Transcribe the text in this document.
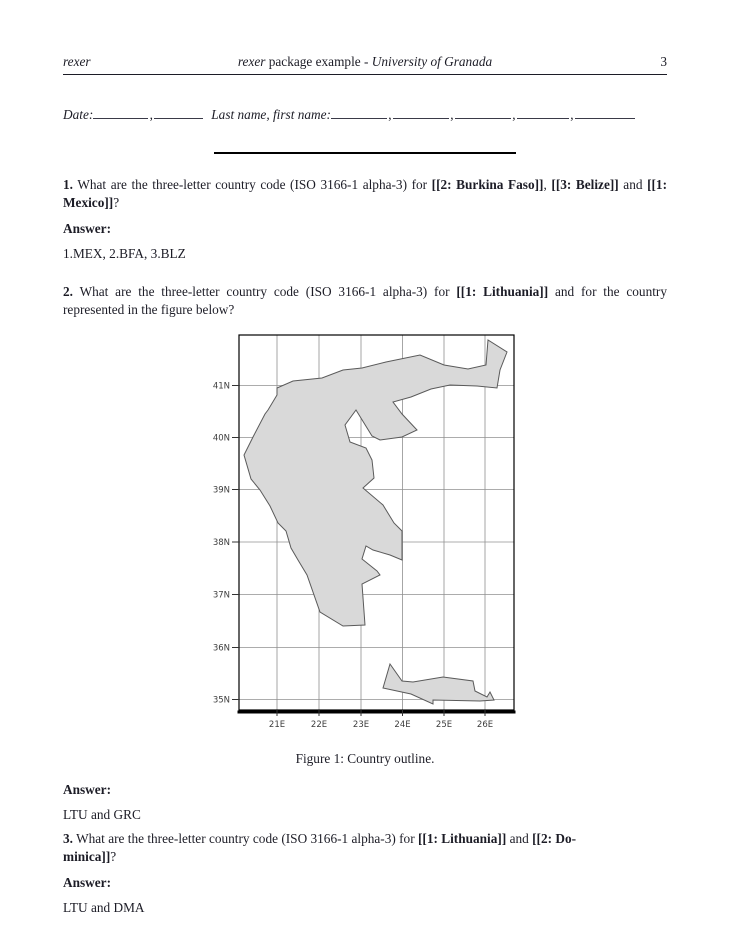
rexer	rexer package example - University of Granada	3
Date:	,	Last name, first name:	,	,	,	,

1. What are the three-letter country code (ISO 3166-1 alpha-3) for [[2: Burkina Faso]], [[3: Belize]] and [[1: Mexico]]?

Answer:

1.MEX, 2.BFA, 3.BLZ

2. What are the three-letter country code (ISO 3166-1 alpha-3) for [[1: Lithuania]] and for the country represented in the figure below?

41N
40N
39N
38N
37N
36N
35N
21E	22E	23E	24E	25E	26E

Figure 1: Country outline.

Answer:

LTU and GRC

3. What are the three-letter country code (ISO 3166-1 alpha-3) for [[1: Lithuania]] and [[2: Do-
minica]]?

Answer:

LTU and DMA
